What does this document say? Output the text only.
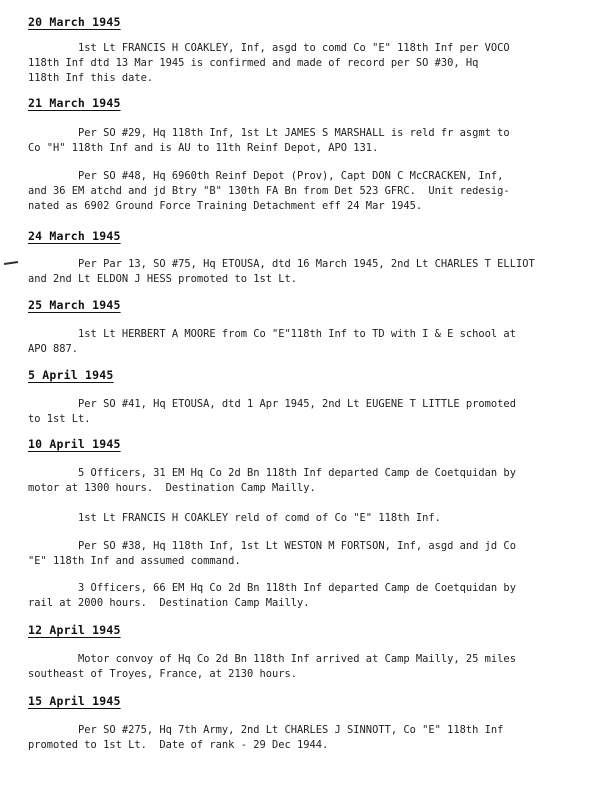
20 March 1945
1st Lt FRANCIS H COAKLEY, Inf, asgd to comd Co "E" 118th Inf per VOCO
118th Inf dtd 13 Mar 1945 is confirmed and made of record per SO #30, Hq
118th Inf this date.
21 March 1945
Per SO #29, Hq 118th Inf, 1st Lt JAMES S MARSHALL is reld fr asgmt to
Co "H" 118th Inf and is AU to 11th Reinf Depot, APO 131.
Per SO #48, Hq 6960th Reinf Depot (Prov), Capt DON C McCRACKEN, Inf,
and 36 EM atchd and jd Btry "B" 130th FA Bn from Det 523 GFRC.  Unit redesig-
nated as 6902 Ground Force Training Detachment eff 24 Mar 1945.
24 March 1945
Per Par 13, SO #75, Hq ETOUSA, dtd 16 March 1945, 2nd Lt CHARLES T ELLIOT
and 2nd Lt ELDON J HESS promoted to 1st Lt.
25 March 1945
1st Lt HERBERT A MOORE from Co "E"118th Inf to TD with I & E school at
APO 887.
5 April 1945
Per SO #41, Hq ETOUSA, dtd 1 Apr 1945, 2nd Lt EUGENE T LITTLE promoted
to 1st Lt.
10 April 1945
5 Officers, 31 EM Hq Co 2d Bn 118th Inf departed Camp de Coetquidan by
motor at 1300 hours.  Destination Camp Mailly.
1st Lt FRANCIS H COAKLEY reld of comd of Co "E" 118th Inf.
Per SO #38, Hq 118th Inf, 1st Lt WESTON M FORTSON, Inf, asgd and jd Co
"E" 118th Inf and assumed command.
3 Officers, 66 EM Hq Co 2d Bn 118th Inf departed Camp de Coetquidan by
rail at 2000 hours.  Destination Camp Mailly.
12 April 1945
Motor convoy of Hq Co 2d Bn 118th Inf arrived at Camp Mailly, 25 miles
southeast of Troyes, France, at 2130 hours.
15 April 1945
Per SO #275, Hq 7th Army, 2nd Lt CHARLES J SINNOTT, Co "E" 118th Inf
promoted to 1st Lt.  Date of rank - 29 Dec 1944.
